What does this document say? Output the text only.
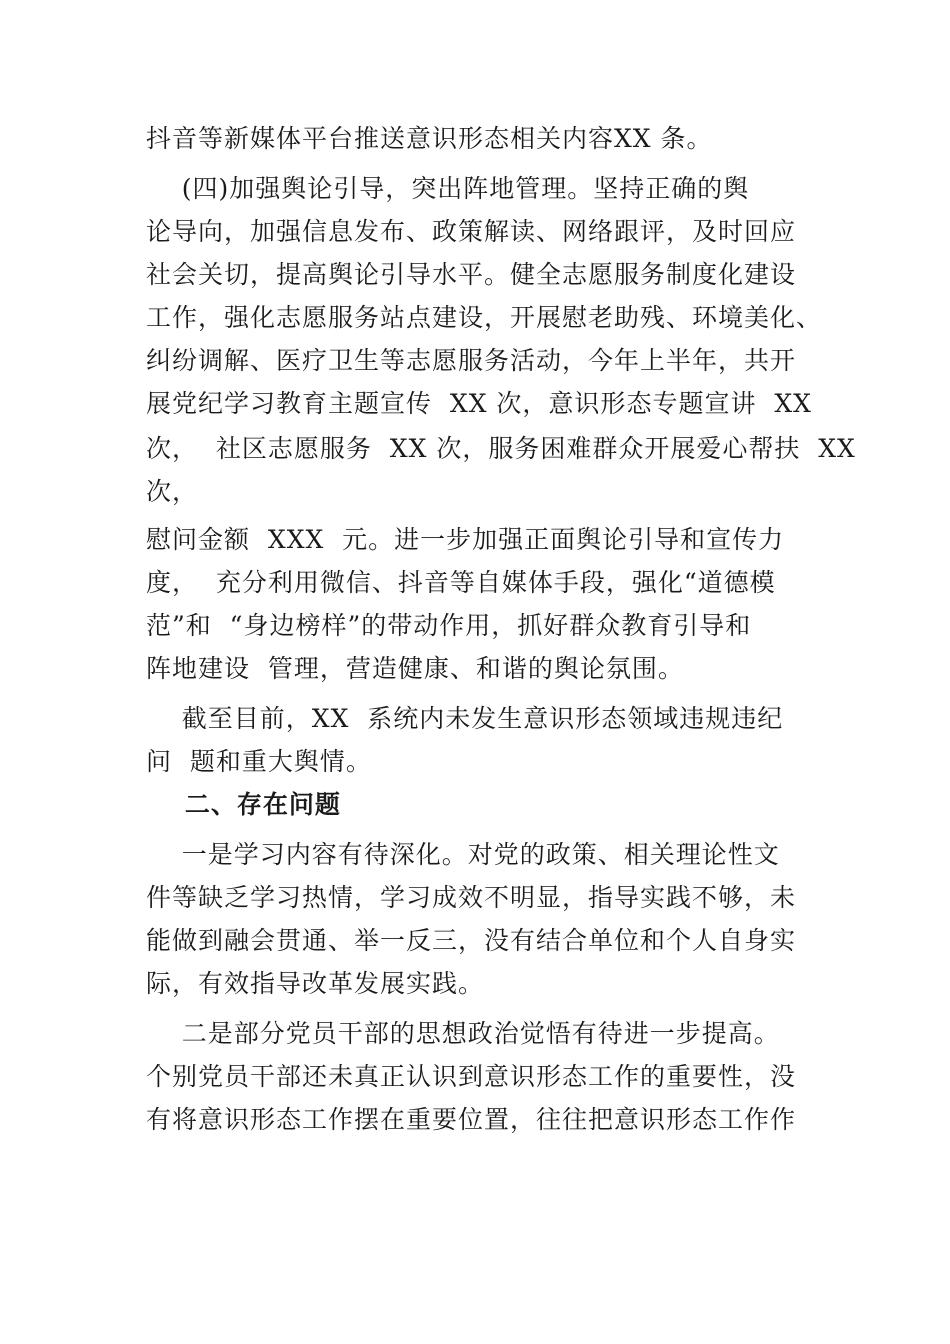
抖音等新媒体平台推送意识形态相关内容XX 条。
(四)加强舆论引导，突出阵地管理。坚持正确的舆
论导向，加强信息发布、政策解读、网络跟评，及时回应
社会关切，提高舆论引导水平。健全志愿服务制度化建设
工作，强化志愿服务站点建设，开展慰老助残、环境美化、
纠纷调解、医疗卫生等志愿服务活动，今年上半年，共开
展党纪学习教育主题宣传  XX 次，意识形态专题宣讲  XX
次，  社区志愿服务  XX 次，服务困难群众开展爱心帮扶  XX
次，
慰问金额  XXX  元。进一步加强正面舆论引导和宣传力
度，  充分利用微信、抖音等自媒体手段，强化“道德模
范”和  “身边榜样”的带动作用，抓好群众教育引导和
阵地建设  管理，营造健康、和谐的舆论氛围。
截至目前，XX  系统内未发生意识形态领域违规违纪
问  题和重大舆情。
二、存在问题
一是学习内容有待深化。对党的政策、相关理论性文
件等缺乏学习热情，学习成效不明显，指导实践不够，未
能做到融会贯通、举一反三，没有结合单位和个人自身实
际，有效指导改革发展实践。
二是部分党员干部的思想政治觉悟有待进一步提高。
个别党员干部还未真正认识到意识形态工作的重要性，没
有将意识形态工作摆在重要位置，往往把意识形态工作作
